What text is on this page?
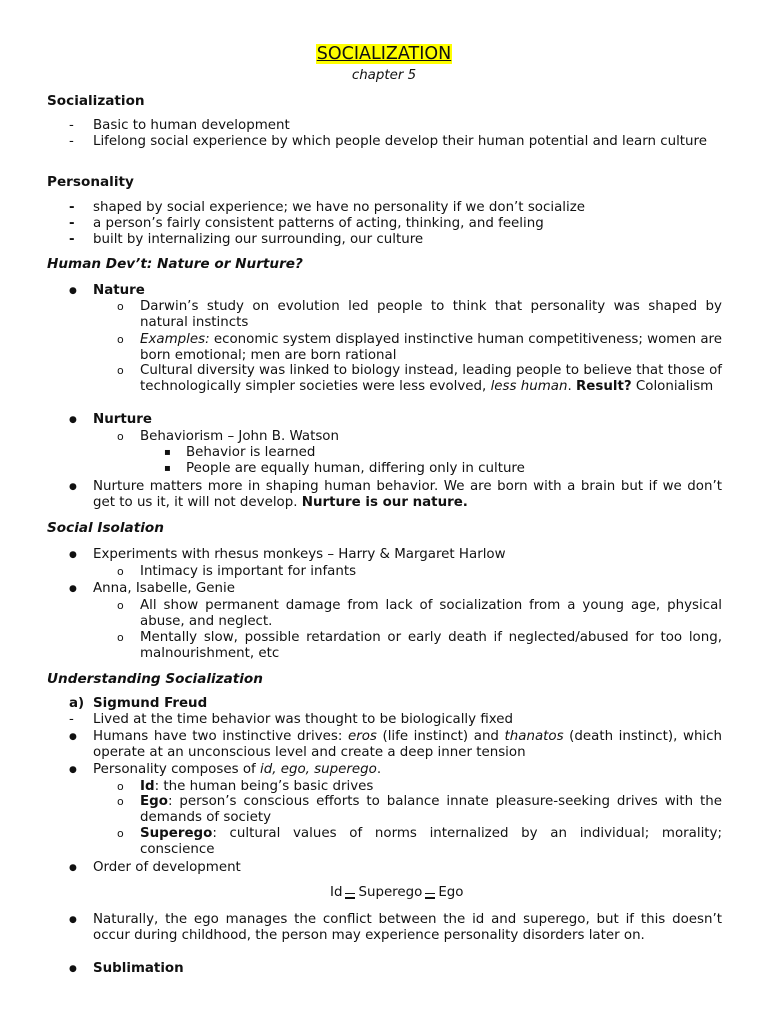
SOCIALIZATION
chapter 5
Socialization
- Basic to human development
- Lifelong social experience by which people develop their human potential and learn culture
Personality
- shaped by social experience; we have no personality if we don’t socialize
- a person’s fairly consistent patterns of acting, thinking, and feeling
- built by internalizing our surrounding, our culture
Human Dev’t: Nature or Nurture?
● Nature
o Darwin’s study on evolution led people to think that personality was shaped by natural instincts
o Examples: economic system displayed instinctive human competitiveness; women are born emotional; men are born rational
o Cultural diversity was linked to biology instead, leading people to believe that those of technologically simpler societies were less evolved, less human. Result? Colonialism
● Nurture
o Behaviorism – John B. Watson
▪ Behavior is learned
▪ People are equally human, differing only in culture
● Nurture matters more in shaping human behavior. We are born with a brain but if we don’t get to us it, it will not develop. Nurture is our nature.
Social Isolation
● Experiments with rhesus monkeys – Harry & Margaret Harlow
o Intimacy is important for infants
● Anna, Isabelle, Genie
o All show permanent damage from lack of socialization from a young age, physical abuse, and neglect.
o Mentally slow, possible retardation or early death if neglected/abused for too long, malnourishment, etc
Understanding Socialization
a) Sigmund Freud
- Lived at the time behavior was thought to be biologically fixed
● Humans have two instinctive drives: eros (life instinct) and thanatos (death instinct), which operate at an unconscious level and create a deep inner tension
● Personality composes of id, ego, superego.
o Id: the human being’s basic drives
o Ego: person’s conscious efforts to balance innate pleasure-seeking drives with the demands of society
o Superego: cultural values of norms internalized by an individual; morality; conscience
● Order of development
Id Superego Ego
● Naturally, the ego manages the conflict between the id and superego, but if this doesn’t occur during childhood, the person may experience personality disorders later on.
● Sublimation
